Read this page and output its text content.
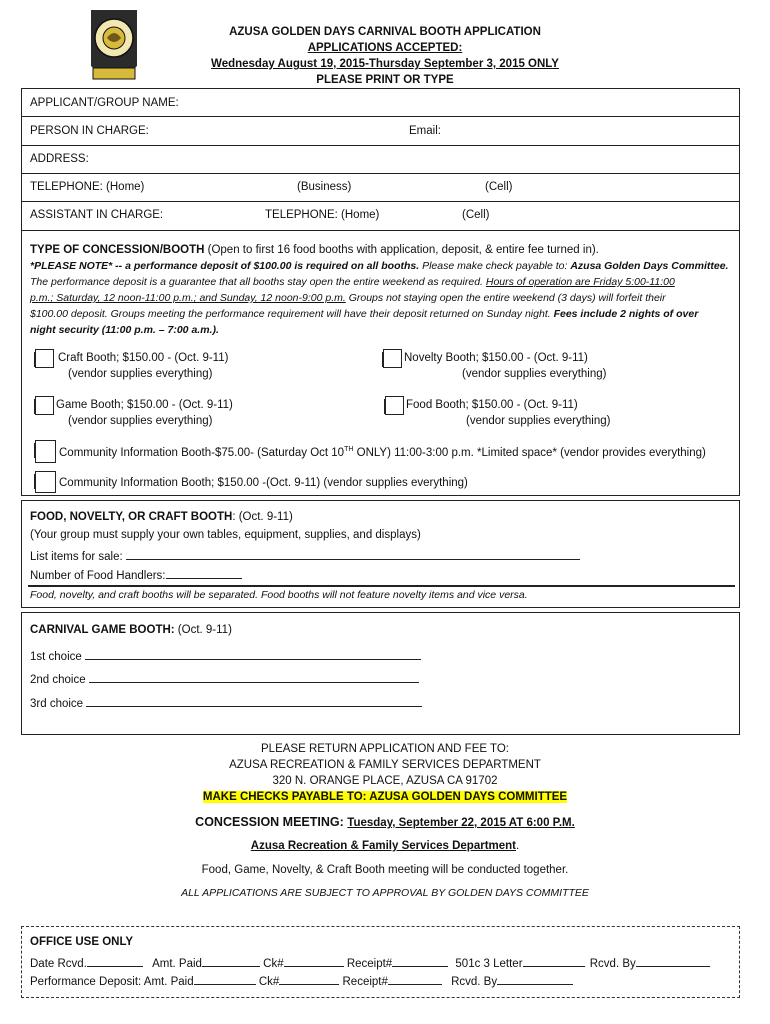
AZUSA GOLDEN DAYS CARNIVAL BOOTH APPLICATION
APPLICATIONS ACCEPTED:
Wednesday August 19, 2015-Thursday September 3, 2015 ONLY
PLEASE PRINT OR TYPE
APPLICANT/GROUP NAME:
PERSON IN CHARGE:	Email:
ADDRESS:
TELEPHONE: (Home)	(Business)	(Cell)
ASSISTANT IN CHARGE:	TELEPHONE: (Home)	(Cell)
TYPE OF CONCESSION/BOOTH (Open to first 16 food booths with application, deposit, & entire fee turned in).
*PLEASE NOTE* -- a performance deposit of $100.00 is required on all booths. Please make check payable to: Azusa Golden Days Committee.
The performance deposit is a guarantee that all booths stay open the entire weekend as required. Hours of operation are Friday 5:00-11:00
p.m.; Saturday, 12 noon-11:00 p.m.; and Sunday, 12 noon-9:00 p.m. Groups not staying open the entire weekend (3 days) will forfeit their
$100.00 deposit. Groups meeting the performance requirement will have their deposit returned on Sunday night. Fees include 2 nights of over
night security (11:00 p.m. – 7:00 a.m.).
Craft Booth; $150.00 - (Oct. 9-11)
(vendor supplies everything)
Novelty Booth; $150.00 - (Oct. 9-11)
(vendor supplies everything)
Game Booth; $150.00 - (Oct. 9-11)
(vendor supplies everything)
Food Booth; $150.00 - (Oct. 9-11)
(vendor supplies everything)
Community Information Booth-$75.00- (Saturday Oct 10TH ONLY) 11:00-3:00 p.m. *Limited space* (vendor provides everything)
Community Information Booth; $150.00 -(Oct. 9-11) (vendor supplies everything)
FOOD, NOVELTY, OR CRAFT BOOTH: (Oct. 9-11)
(Your group must supply your own tables, equipment, supplies, and displays)
List items for sale:
Number of Food Handlers:
Food, novelty, and craft booths will be separated. Food booths will not feature novelty items and vice versa.
CARNIVAL GAME BOOTH: (Oct. 9-11)
1st choice
2nd choice
3rd choice
PLEASE RETURN APPLICATION AND FEE TO:
AZUSA RECREATION & FAMILY SERVICES DEPARTMENT
320 N. ORANGE PLACE, AZUSA CA 91702
MAKE CHECKS PAYABLE TO: AZUSA GOLDEN DAYS COMMITTEE
CONCESSION MEETING: Tuesday, September 22, 2015 AT 6:00 P.M.
Azusa Recreation & Family Services Department.
Food, Game, Novelty, & Craft Booth meeting will be conducted together.
ALL APPLICATIONS ARE SUBJECT TO APPROVAL BY GOLDEN DAYS COMMITTEE
OFFICE USE ONLY
Date Rcvd.	Amt. Paid	Ck#	Receipt#	501c 3 Letter	Rcvd. By
Performance Deposit: Amt. Paid	Ck#	Receipt#	Rcvd. By
